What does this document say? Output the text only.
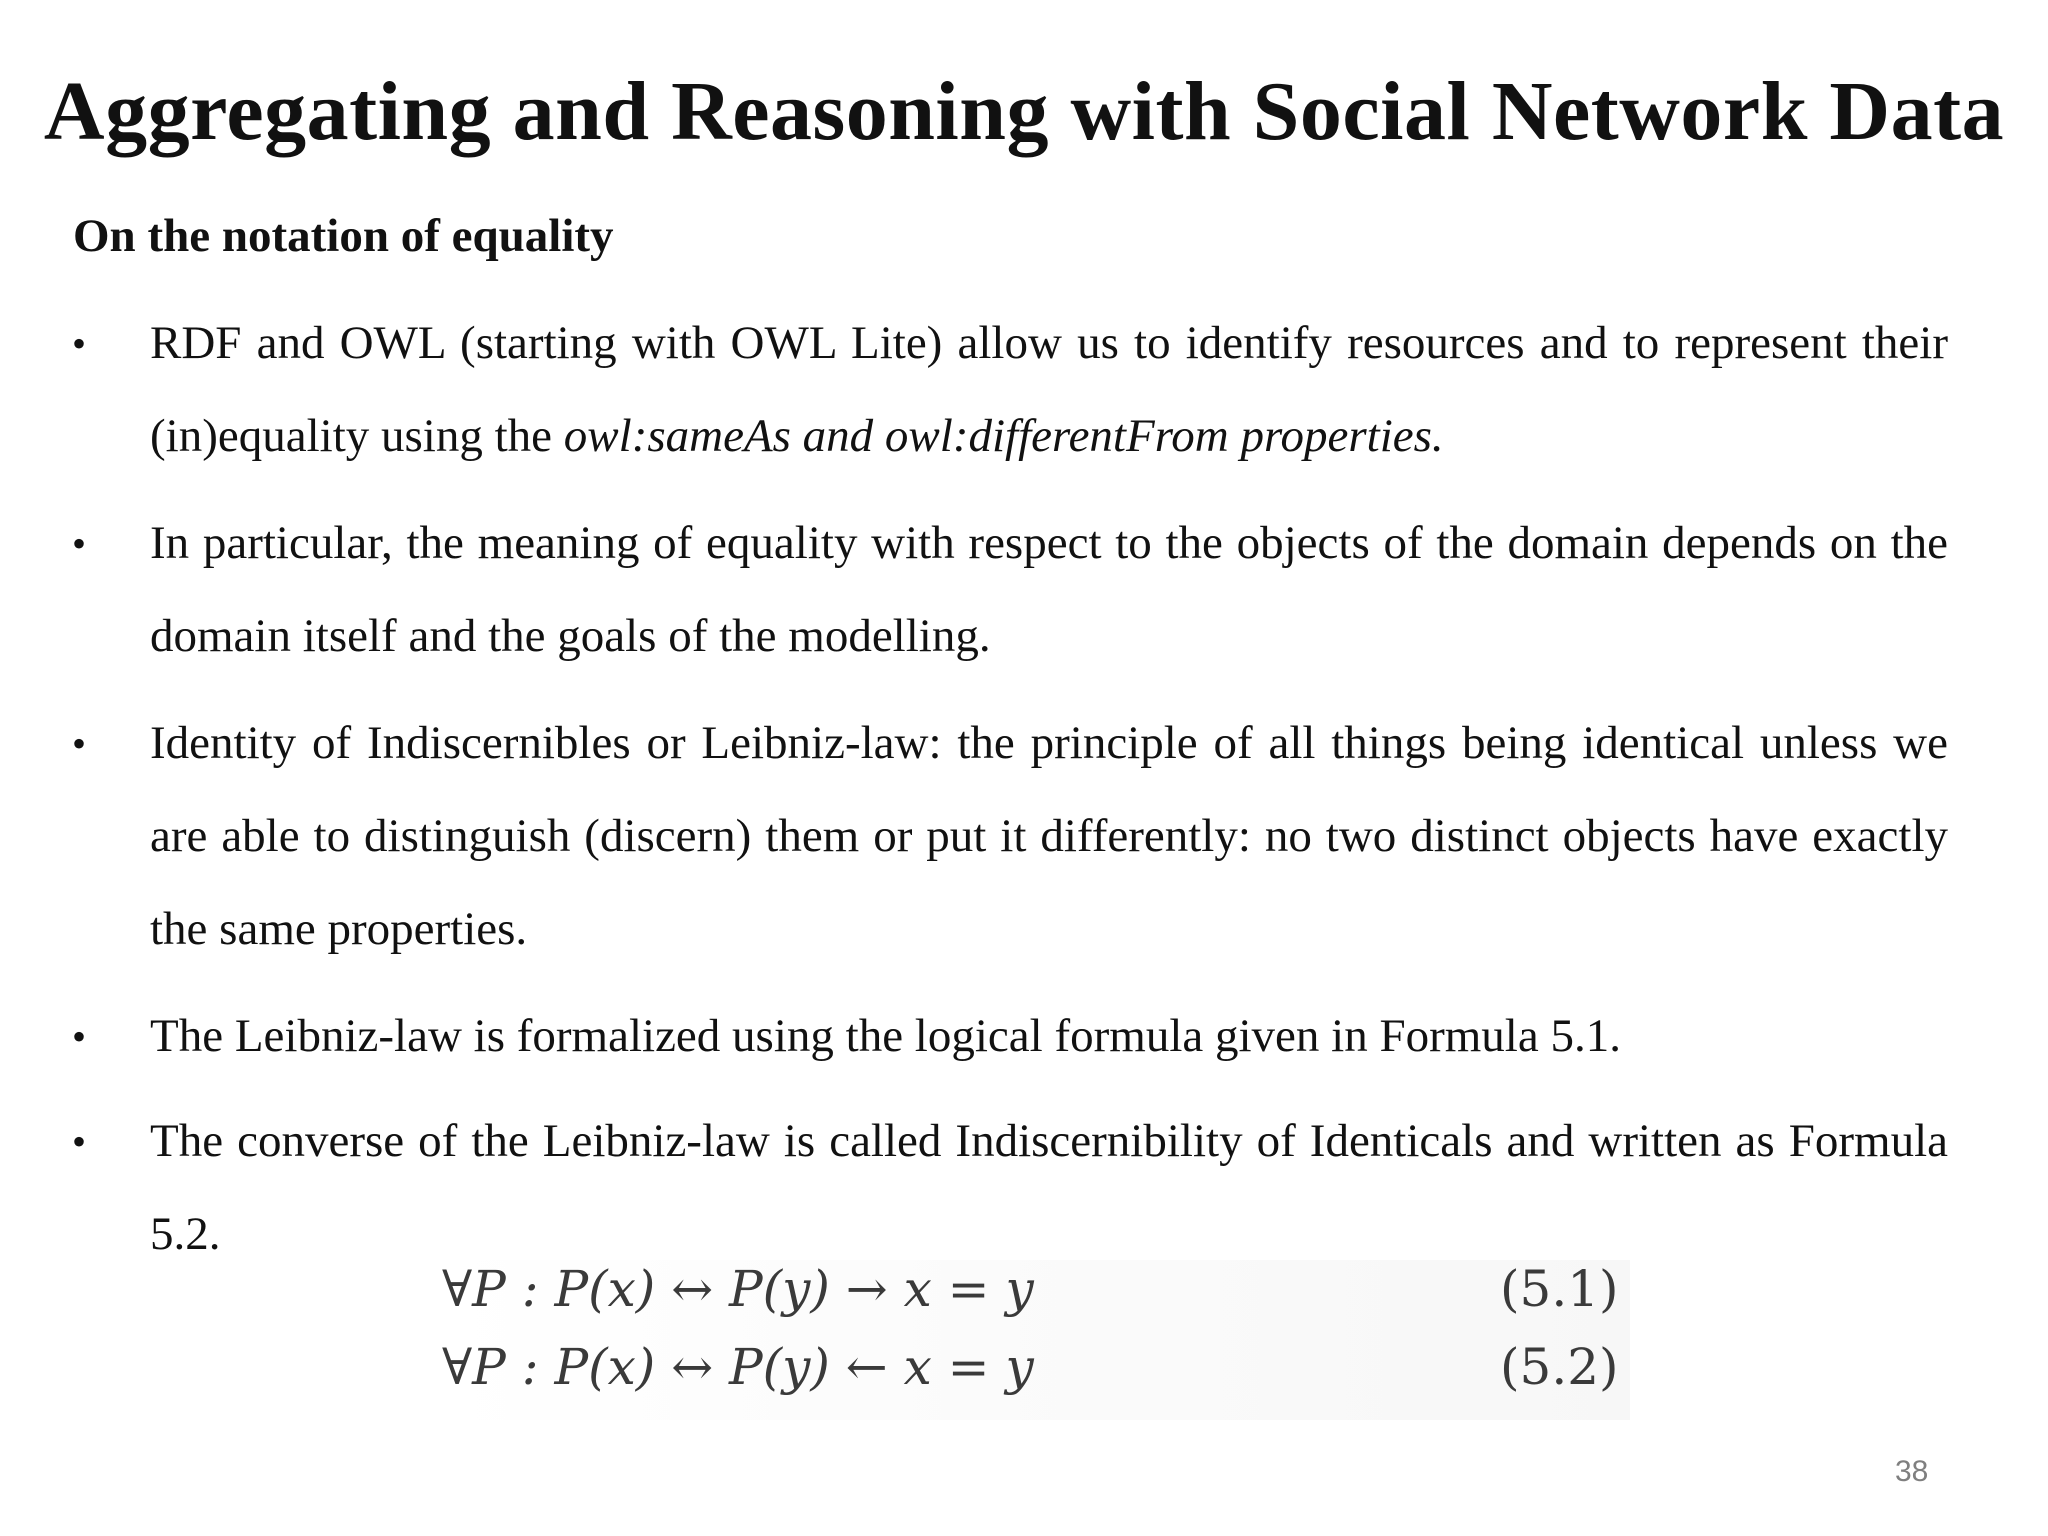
Aggregating and Reasoning with Social Network Data

On the notation of equality

• RDF and OWL (starting with OWL Lite) allow us to identify resources and to represent their (in)equality using the owl:sameAs and owl:differentFrom properties.
• In particular, the meaning of equality with respect to the objects of the domain depends on the domain itself and the goals of the modelling.
• Identity of Indiscernibles or Leibniz-law: the principle of all things being identical unless we are able to distinguish (discern) them or put it differently: no two distinct objects have exactly the same properties.
• The Leibniz-law is formalized using the logical formula given in Formula 5.1.
• The converse of the Leibniz-law is called Indiscernibility of Identicals and written as Formula 5.2.
∀P : P(x) ↔ P(y) → x = y	(5.1)
∀P : P(x) ↔ P(y) ← x = y	(5.2)
38
